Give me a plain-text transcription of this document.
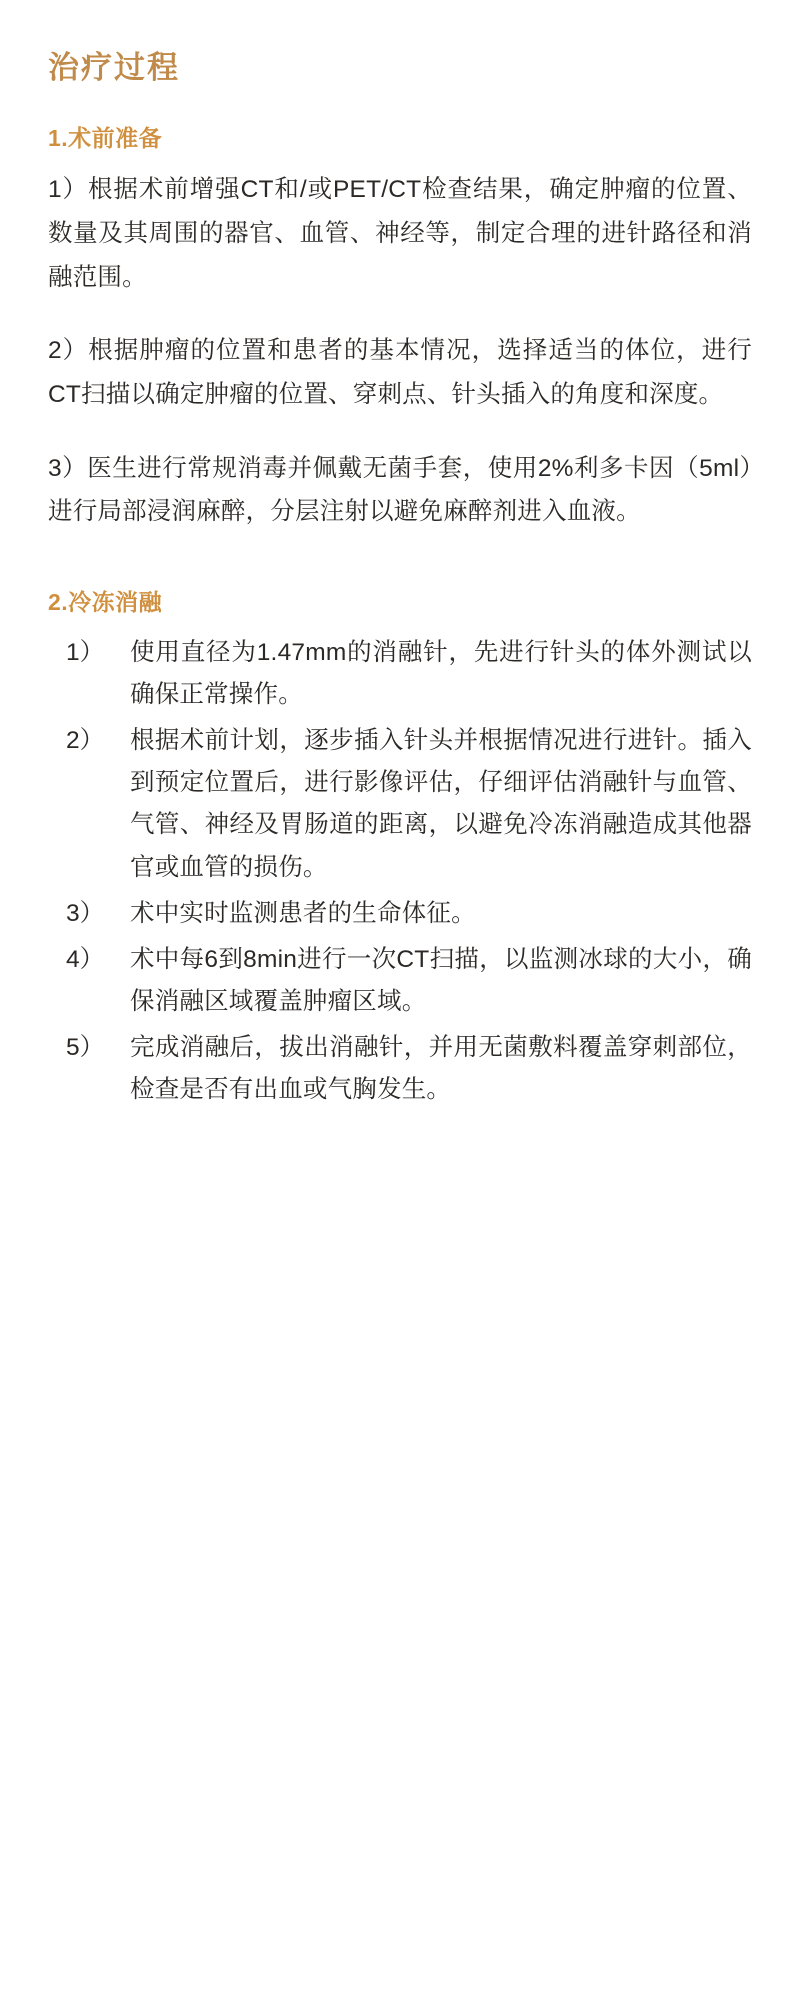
治疗过程
1.术前准备

1）根据术前增强CT和/或PET/CT检查结果，确定肿瘤的位置、数量及其周围的器官、血管、神经等，制定合理的进针路径和消融范围。

2）根据肿瘤的位置和患者的基本情况，选择适当的体位，进行CT扫描以确定肿瘤的位置、穿刺点、针头插入的角度和深度。

3）医生进行常规消毒并佩戴无菌手套，使用2%利多卡因（5ml）进行局部浸润麻醉，分层注射以避免麻醉剂进入血液。

2.冷冻消融
1）	使用直径为1.47mm的消融针，先进行针头的体外测试以确保正常操作。
2）	根据术前计划，逐步插入针头并根据情况进行进针。插入到预定位置后，进行影像评估，仔细评估消融针与血管、气管、神经及胃肠道的距离，以避免冷冻消融造成其他器官或血管的损伤。
3）	术中实时监测患者的生命体征。
4）	术中每6到8min进行一次CT扫描，以监测冰球的大小，确保消融区域覆盖肿瘤区域。
5）	完成消融后，拔出消融针，并用无菌敷料覆盖穿刺部位，检查是否有出血或气胸发生。
